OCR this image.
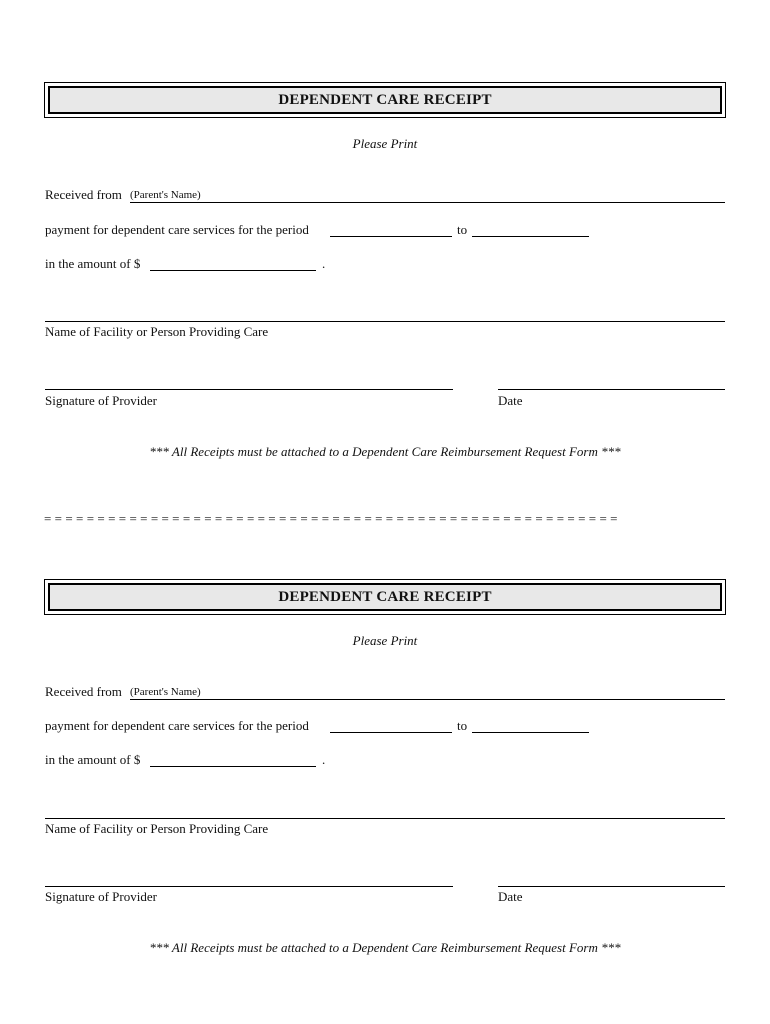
DEPENDENT CARE RECEIPT
Please Print
Received from (Parent's Name)
payment for dependent care services for the period	to
in the amount of $	.
Name of Facility or Person Providing Care
Signature of Provider	Date
*** All Receipts must be attached to a Dependent Care Reimbursement Request Form ***
= = = = = = = = = = = = = = = = = = = = = = = = = = = = = = = = = = = = = = = = = = = = = = = = = = = = = =
DEPENDENT CARE RECEIPT
Please Print
Received from (Parent's Name)
payment for dependent care services for the period	to
in the amount of $	.
Name of Facility or Person Providing Care
Signature of Provider	Date
*** All Receipts must be attached to a Dependent Care Reimbursement Request Form ***
